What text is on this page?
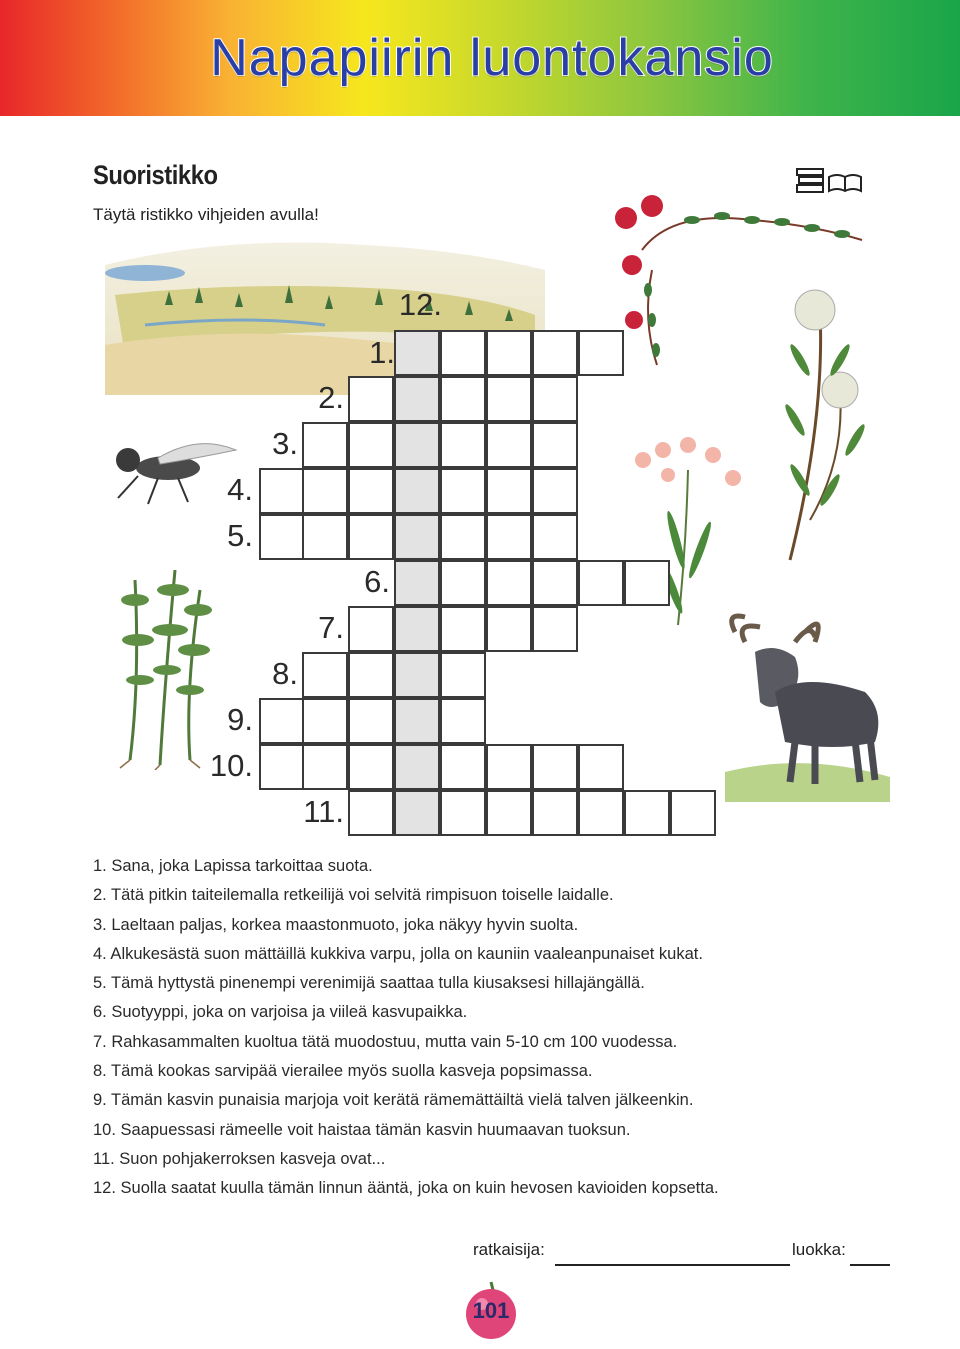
Napapiirin luontokansio
Suoristikko
Täytä ristikko vihjeiden avulla!
12.
1.
2.
3.
4.
5.
6.
7.
8.
9.
10.
11.
1. Sana, joka Lapissa tarkoittaa suota.
2. Tätä pitkin taiteilemalla retkeilijä voi selvitä rimpisuon toiselle laidalle.
3. Laeltaan paljas, korkea maastonmuoto, joka näkyy hyvin suolta.
4. Alkukesästä suon mättäillä kukkiva varpu, jolla on kauniin vaaleanpunaiset kukat.
5. Tämä hyttystä pinenempi verenimijä saattaa tulla kiusaksesi hillajängällä.
6. Suotyyppi, joka on varjoisa ja viileä kasvupaikka.
7. Rahkasammalten kuoltua tätä muodostuu, mutta vain 5-10 cm 100 vuodessa.
8. Tämä kookas sarvipää vierailee myös suolla kasveja popsimassa.
9. Tämän kasvin punaisia marjoja voit kerätä rämemättäiltä vielä talven jälkeenkin.
10. Saapuessasi rämeelle voit haistaa tämän kasvin huumaavan tuoksun.
11. Suon pohjakerroksen kasveja ovat...
12. Suolla saatat kuulla tämän linnun ääntä, joka on kuin hevosen kavioiden kopsetta.
ratkaisija:	luokka:
101
